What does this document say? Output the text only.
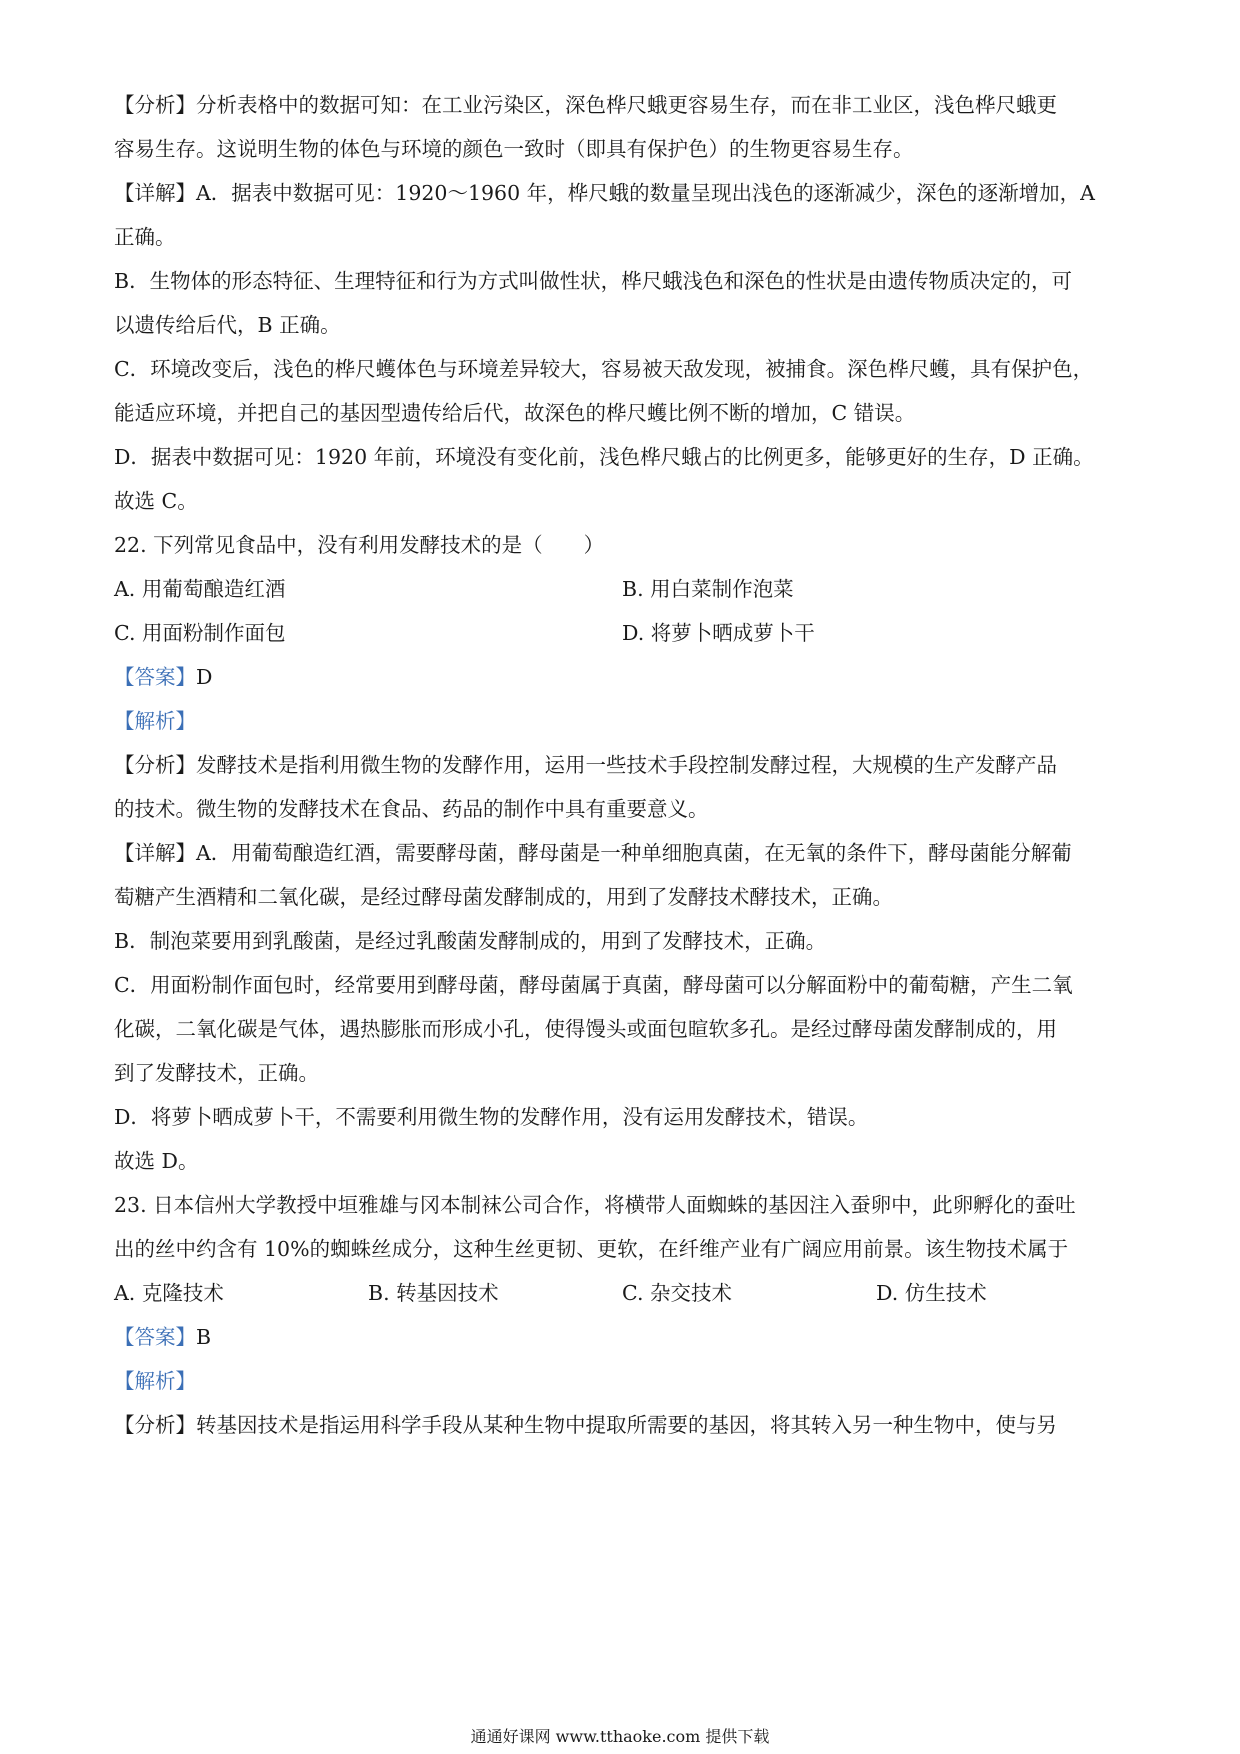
【分析】分析表格中的数据可知：在工业污染区，深色桦尺蛾更容易生存，而在非工业区，浅色桦尺蛾更
容易生存。这说明生物的体色与环境的颜色一致时（即具有保护色）的生物更容易生存。
【详解】A．据表中数据可见：1920～1960 年，桦尺蛾的数量呈现出浅色的逐渐减少，深色的逐渐增加，A
正确。
B．生物体的形态特征、生理特征和行为方式叫做性状，桦尺蛾浅色和深色的性状是由遗传物质决定的，可
以遗传给后代，B 正确。
C．环境改变后，浅色的桦尺蠖体色与环境差异较大，容易被天敌发现，被捕食。深色桦尺蠖，具有保护色，
能适应环境，并把自己的基因型遗传给后代，故深色的桦尺蠖比例不断的增加，C 错误。
D．据表中数据可见：1920 年前，环境没有变化前，浅色桦尺蛾占的比例更多，能够更好的生存，D 正确。
故选 C。
22. 下列常见食品中，没有利用发酵技术的是（　　）
A. 用葡萄酿造红酒	B. 用白菜制作泡菜
C. 用面粉制作面包	D. 将萝卜晒成萝卜干
【答案】D
【解析】
【分析】发酵技术是指利用微生物的发酵作用，运用一些技术手段控制发酵过程，大规模的生产发酵产品
的技术。微生物的发酵技术在食品、药品的制作中具有重要意义。
【详解】A．用葡萄酿造红酒，需要酵母菌，酵母菌是一种单细胞真菌，在无氧的条件下，酵母菌能分解葡
萄糖产生酒精和二氧化碳，是经过酵母菌发酵制成的，用到了发酵技术酵技术，正确。
B．制泡菜要用到乳酸菌，是经过乳酸菌发酵制成的，用到了发酵技术，正确。
C．用面粉制作面包时，经常要用到酵母菌，酵母菌属于真菌，酵母菌可以分解面粉中的葡萄糖，产生二氧
化碳，二氧化碳是气体，遇热膨胀而形成小孔，使得馒头或面包暄软多孔。是经过酵母菌发酵制成的，用
到了发酵技术，正确。
D．将萝卜晒成萝卜干，不需要利用微生物的发酵作用，没有运用发酵技术，错误。
故选 D。
23. 日本信州大学教授中垣雅雄与冈本制袜公司合作，将横带人面蜘蛛的基因注入蚕卵中，此卵孵化的蚕吐
出的丝中约含有 10%的蜘蛛丝成分，这种生丝更韧、更软，在纤维产业有广阔应用前景。该生物技术属于
A. 克隆技术	B. 转基因技术	C. 杂交技术	D. 仿生技术
【答案】B
【解析】
【分析】转基因技术是指运用科学手段从某种生物中提取所需要的基因，将其转入另一种生物中，使与另
通通好课网 www.tthaoke.com 提供下载
